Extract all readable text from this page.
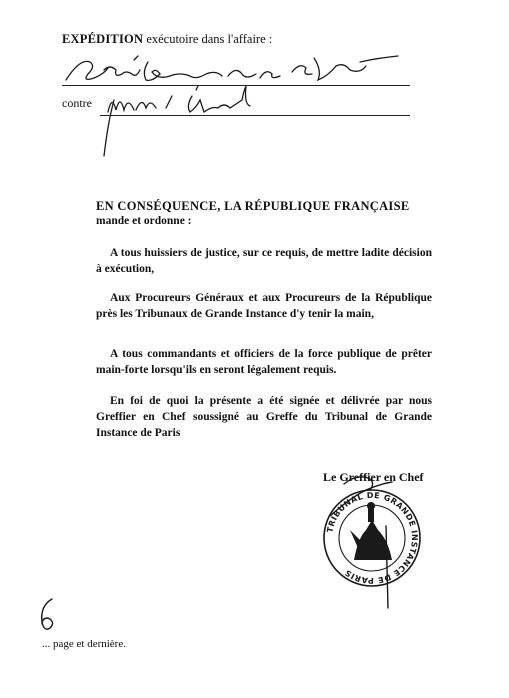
EXPÉDITION exécutoire dans l'affaire :
contre
EN CONSÉQUENCE, LA RÉPUBLIQUE FRANÇAISE
mande et ordonne :
A tous huissiers de justice, sur ce requis, de mettre ladite décision à exécution,
Aux Procureurs Généraux et aux Procureurs de la République près les Tribunaux de Grande Instance d'y tenir la main,
A tous commandants et officiers de la force publique de prêter main-forte lorsqu'ils en seront légalement requis.
En foi de quoi la présente a été signée et délivrée par nous Greffier en Chef soussigné au Greffe du Tribunal de Grande Instance de Paris
Le Greffier en Chef
TRIBUNAL DE GRANDE INSTANCE DE PARIS
... page et dernière.
